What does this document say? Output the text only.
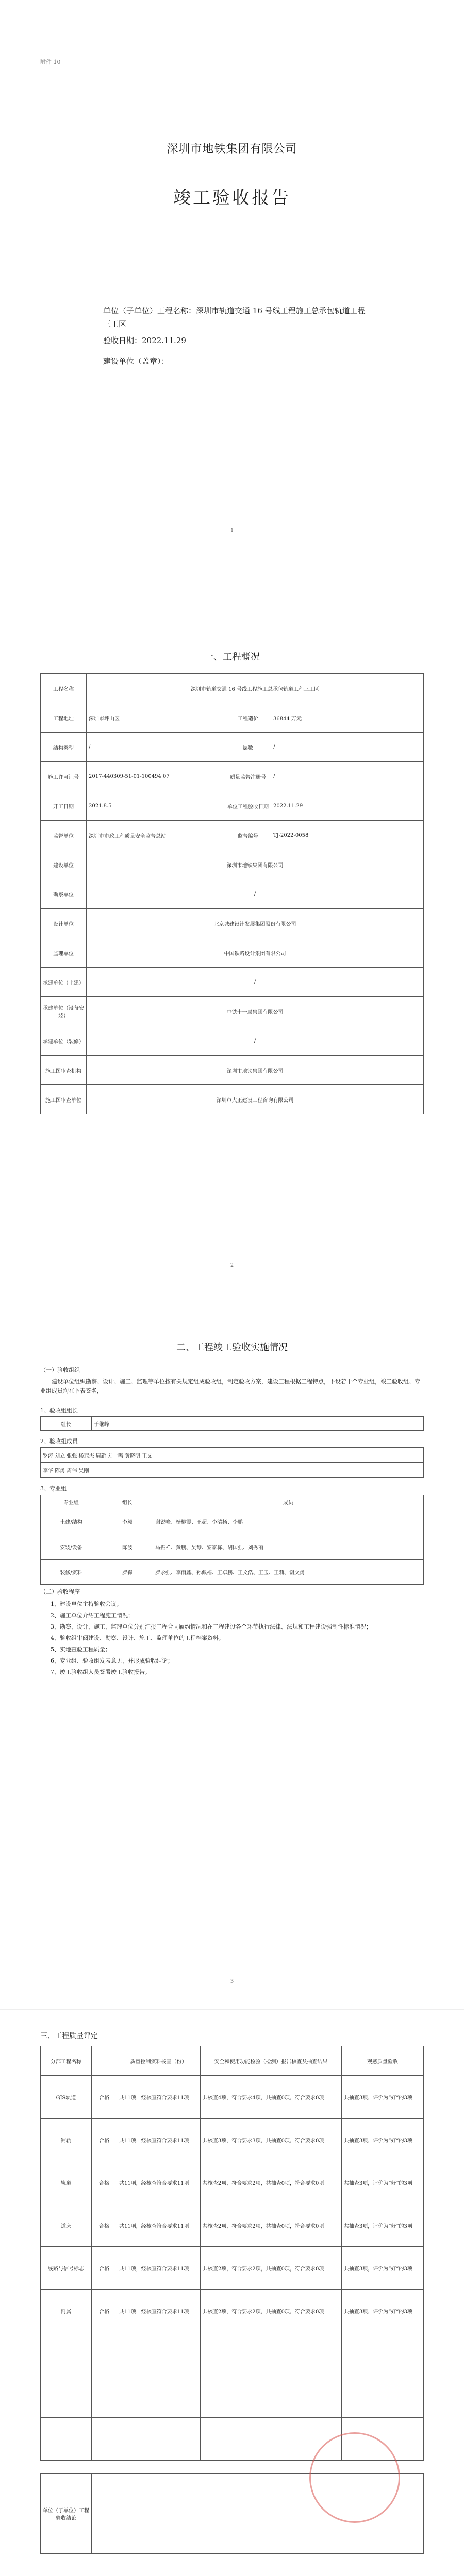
附件 10
深圳市地铁集团有限公司
竣工验收报告
单位（子单位）工程名称：深圳市轨道交通 16 号线工程施工总承包轨道工程三工区
验收日期：2022.11.29
建设单位（盖章）：
1
一、工程概况
工程名称	深圳市轨道交通 16 号线工程施工总承包轨道工程三工区		
工程地址	深圳市坪山区	工程造价	36844 万元
结构类型	/	层数	/
施工许可证号	2017-440309-51-01-100494 07	质量监督注册号	/
开工日期	2021.8.5	单位工程验收日期	2022.11.29
监督单位	深圳市市政工程质量安全监督总站	监督编号	TJ-2022-0058
建设单位	深圳市地铁集团有限公司		
勘察单位	/		
设计单位	北京城建设计发展集团股份有限公司		
监理单位	中国铁路设计集团有限公司		
承建单位（土建）	/		
承建单位（设备安装）	中铁十一局集团有限公司		
承建单位（装修）	/		
施工图审查机构	深圳市地铁集团有限公司		
施工图审查单位	深圳市大正建设工程咨询有限公司		
2
二、工程竣工验收实施情况
（一）验收组织
建设单位组织勘察、设计、施工、监理等单位按有关规定组成验收组，制定验收方案，建设工程根据工程特点，下设若干个专业组，竣工验收组、专业组成员均在下表签名，
1、验收组组长
组长	于继峰
2、验收组成员
罗涛 刘立 张强 杨冠杰 周新 刘一鸣 黄晓明 王文
李华 陈勇 周伟 吴刚
3、专业组
专业组	组长	成员
土建/结构	李毅	谢锐峰、杨柳霞、王超、李清扬、李鹏
安装/设备	陈波	马振祥、黄鹏、吴琴、黎家栋、胡国强、刘秀丽
装修/资料	罗森	罗永强、李雨鑫、孙佩福、王卓鹏、王文浩、王玉、王莉、谢文勇
（二）验收程序
1、建设单位主持验收会议；
2、施工单位介绍工程施工情况；
3、勘察、设计、施工、监理单位分别汇报工程合同履约情况和在工程建设各个环节执行法律、法规和工程建设强制性标准情况；
4、验收组审阅建设、勘察、设计、施工、监理单位的工程档案资料；
5、实地查验工程质量；
6、专业组、验收组发表意见，并形成验收结论；
7、竣工验收组人员签署竣工验收报告。
3
三、工程质量评定
分部工程名称		质量控制资料核查（份）	安全和使用功能检验（检测）报告核查及抽查结果	观感质量验收
GJS轨道	合格	共11项，经核查符合要求11项	共核查4项，符合要求4项，共抽查0项，符合要求0项	共抽查3项，评价为“好”的3项
铺轨	合格	共11项，经核查符合要求11项	共核查3项，符合要求3项，共抽查0项，符合要求0项	共抽查3项，评价为“好”的3项
轨道	合格	共11项，经核查符合要求11项	共核查2项，符合要求2项，共抽查0项，符合要求0项	共抽查3项，评价为“好”的3项
道床	合格	共11项，经核查符合要求11项	共核查2项，符合要求2项，共抽查0项，符合要求0项	共抽查3项，评价为“好”的3项
线路与信号标志	合格	共11项，经核查符合要求11项	共核查2项，符合要求2项，共抽查0项，符合要求0项	共抽查3项，评价为“好”的3项
附属	合格	共11项，经核查符合要求11项	共核查2项，符合要求2项，共抽查0项，符合要求0项	共抽查3项，评价为“好”的3项

单位（子单位）工程验收结论	
